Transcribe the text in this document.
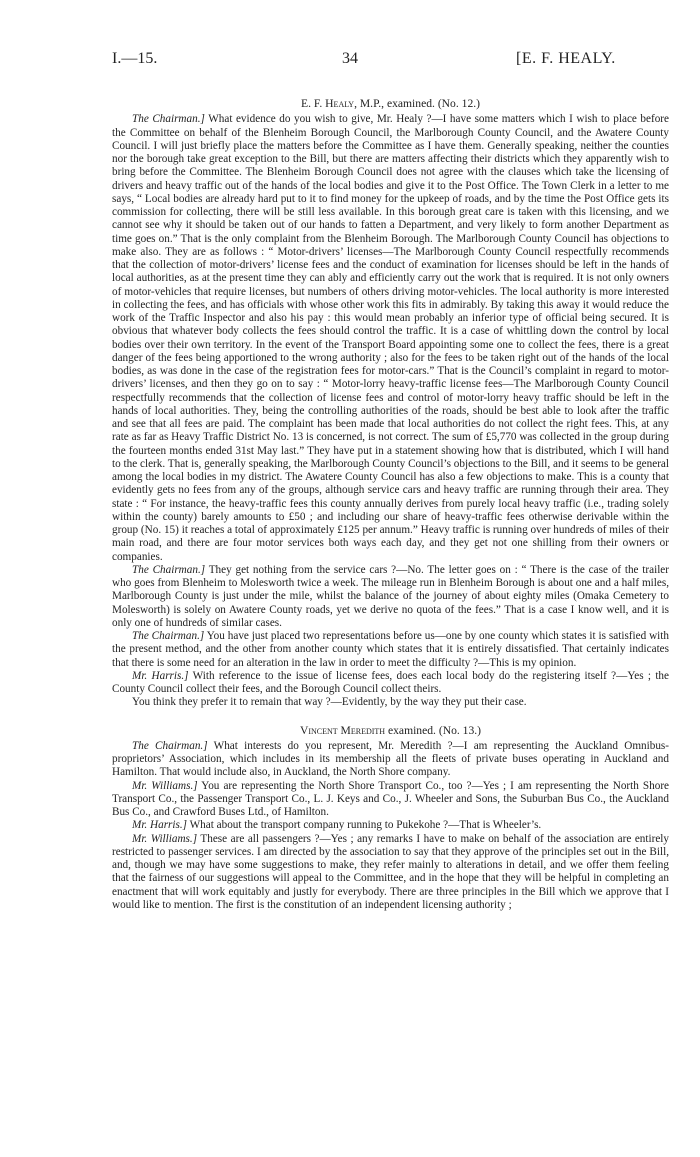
I.—15.	34	[E. F. HEALY.
E. F. Healy, M.P., examined. (No. 12.)

The Chairman.] What evidence do you wish to give, Mr. Healy ?—I have some matters which I wish to place before the Committee on behalf of the Blenheim Borough Council, the Marlborough County Council, and the Awatere County Council. I will just briefly place the matters before the Committee as I have them. Generally speaking, neither the counties nor the borough take great exception to the Bill, but there are matters affecting their districts which they apparently wish to bring before the Committee. The Blenheim Borough Council does not agree with the clauses which take the licensing of drivers and heavy traffic out of the hands of the local bodies and give it to the Post Office. The Town Clerk in a letter to me says, “ Local bodies are already hard put to it to find money for the upkeep of roads, and by the time the Post Office gets its commission for collecting, there will be still less available. In this borough great care is taken with this licensing, and we cannot see why it should be taken out of our hands to fatten a Department, and very likely to form another Department as time goes on.” That is the only complaint from the Blenheim Borough. The Marlborough County Council has objections to make also. They are as follows : “ Motor-drivers’ licenses—The Marlborough County Council respectfully recommends that the collection of motor-drivers’ license fees and the conduct of examination for licenses should be left in the hands of local authorities, as at the present time they can ably and efficiently carry out the work that is required. It is not only owners of motor-vehicles that require licenses, but numbers of others driving motor-vehicles. The local authority is more interested in collecting the fees, and has officials with whose other work this fits in admirably. By taking this away it would reduce the work of the Traffic Inspector and also his pay : this would mean probably an inferior type of official being secured. It is obvious that whatever body collects the fees should control the traffic. It is a case of whittling down the control by local bodies over their own territory. In the event of the Transport Board appointing some one to collect the fees, there is a great danger of the fees being apportioned to the wrong authority ; also for the fees to be taken right out of the hands of the local bodies, as was done in the case of the registration fees for motor-cars.” That is the Council’s complaint in regard to motor-drivers’ licenses, and then they go on to say : “ Motor-lorry heavy-traffic license fees—The Marlborough County Council respectfully recommends that the collection of license fees and control of motor-lorry heavy traffic should be left in the hands of local authorities. They, being the controlling authorities of the roads, should be best able to look after the traffic and see that all fees are paid. The complaint has been made that local authorities do not collect the right fees. This, at any rate as far as Heavy Traffic District No. 13 is concerned, is not correct. The sum of £5,770 was collected in the group during the fourteen months ended 31st May last.” They have put in a statement showing how that is distributed, which I will hand to the clerk. That is, generally speaking, the Marlborough County Council’s objections to the Bill, and it seems to be general among the local bodies in my district. The Awatere County Council has also a few objections to make. This is a county that evidently gets no fees from any of the groups, although service cars and heavy traffic are running through their area. They state : “ For instance, the heavy-traffic fees this county annually derives from purely local heavy traffic (i.e., trading solely within the county) barely amounts to £50 ; and including our share of heavy-traffic fees otherwise derivable within the group (No. 15) it reaches a total of approximately £125 per annum.” Heavy traffic is running over hundreds of miles of their main road, and there are four motor services both ways each day, and they get not one shilling from their owners or companies.

The Chairman.] They get nothing from the service cars ?—No. The letter goes on : “ There is the case of the trailer who goes from Blenheim to Molesworth twice a week. The mileage run in Blenheim Borough is about one and a half miles, Marlborough County is just under the mile, whilst the balance of the journey of about eighty miles (Omaka Cemetery to Molesworth) is solely on Awatere County roads, yet we derive no quota of the fees.” That is a case I know well, and it is only one of hundreds of similar cases.

The Chairman.] You have just placed two representations before us—one by one county which states it is satisfied with the present method, and the other from another county which states that it is entirely dissatisfied. That certainly indicates that there is some need for an alteration in the law in order to meet the difficulty ?—This is my opinion.

Mr. Harris.] With reference to the issue of license fees, does each local body do the registering itself ?—Yes ; the County Council collect their fees, and the Borough Council collect theirs.

You think they prefer it to remain that way ?—Evidently, by the way they put their case.

Vincent Meredith examined. (No. 13.)

The Chairman.] What interests do you represent, Mr. Meredith ?—I am representing the Auckland Omnibus-proprietors’ Association, which includes in its membership all the fleets of private buses operating in Auckland and Hamilton. That would include also, in Auckland, the North Shore company.

Mr. Williams.] You are representing the North Shore Transport Co., too ?—Yes ; I am representing the North Shore Transport Co., the Passenger Transport Co., L. J. Keys and Co., J. Wheeler and Sons, the Suburban Bus Co., the Auckland Bus Co., and Crawford Buses Ltd., of Hamilton.

Mr. Harris.] What about the transport company running to Pukekohe ?—That is Wheeler’s.

Mr. Williams.] These are all passengers ?—Yes ; any remarks I have to make on behalf of the association are entirely restricted to passenger services. I am directed by the association to say that they approve of the principles set out in the Bill, and, though we may have some suggestions to make, they refer mainly to alterations in detail, and we offer them feeling that the fairness of our suggestions will appeal to the Committee, and in the hope that they will be helpful in completing an enactment that will work equitably and justly for everybody. There are three principles in the Bill which we approve that I would like to mention. The first is the constitution of an independent licensing authority ;
